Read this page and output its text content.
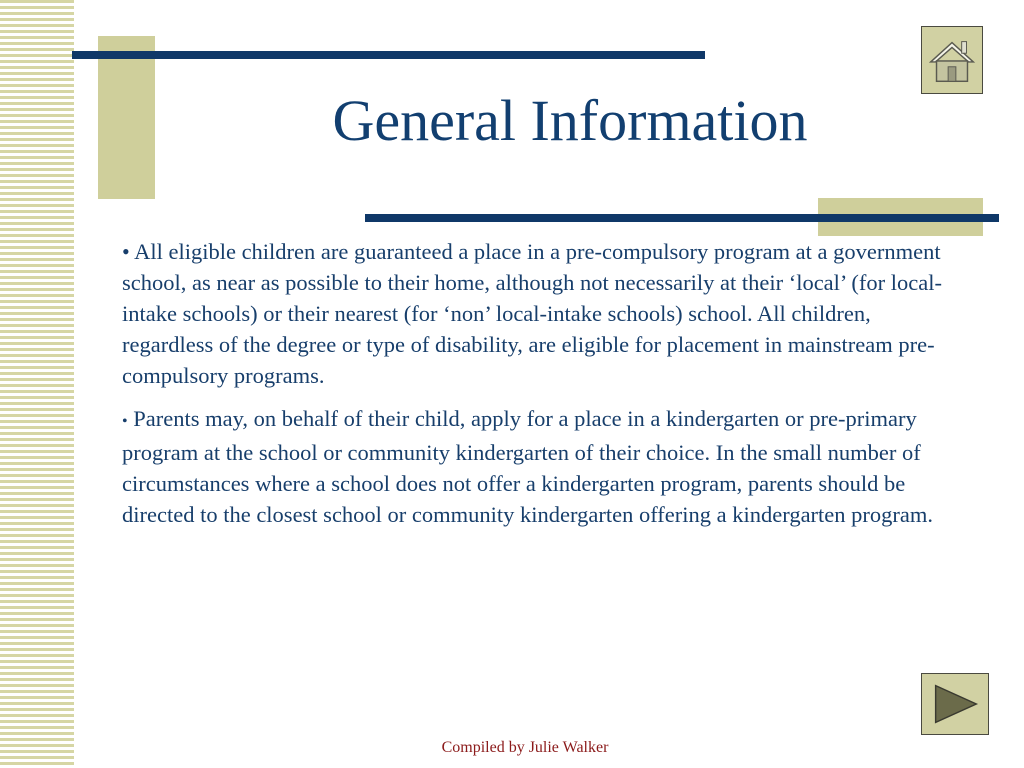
General Information

• All eligible children are guaranteed a place in a pre-compulsory program at a government school, as near as possible to their home, although not necessarily at their ‘local’ (for local-intake schools) or their nearest (for ‘non’ local-intake schools) school. All children, regardless of the degree or type of disability, are eligible for placement in mainstream pre-compulsory programs.

• Parents may, on behalf of their child, apply for a place in a kindergarten or pre-primary program at the school or community kindergarten of their choice. In the small number of circumstances where a school does not offer a kindergarten program, parents should be directed to the closest school or community kindergarten offering a kindergarten program.

Compiled by Julie Walker
